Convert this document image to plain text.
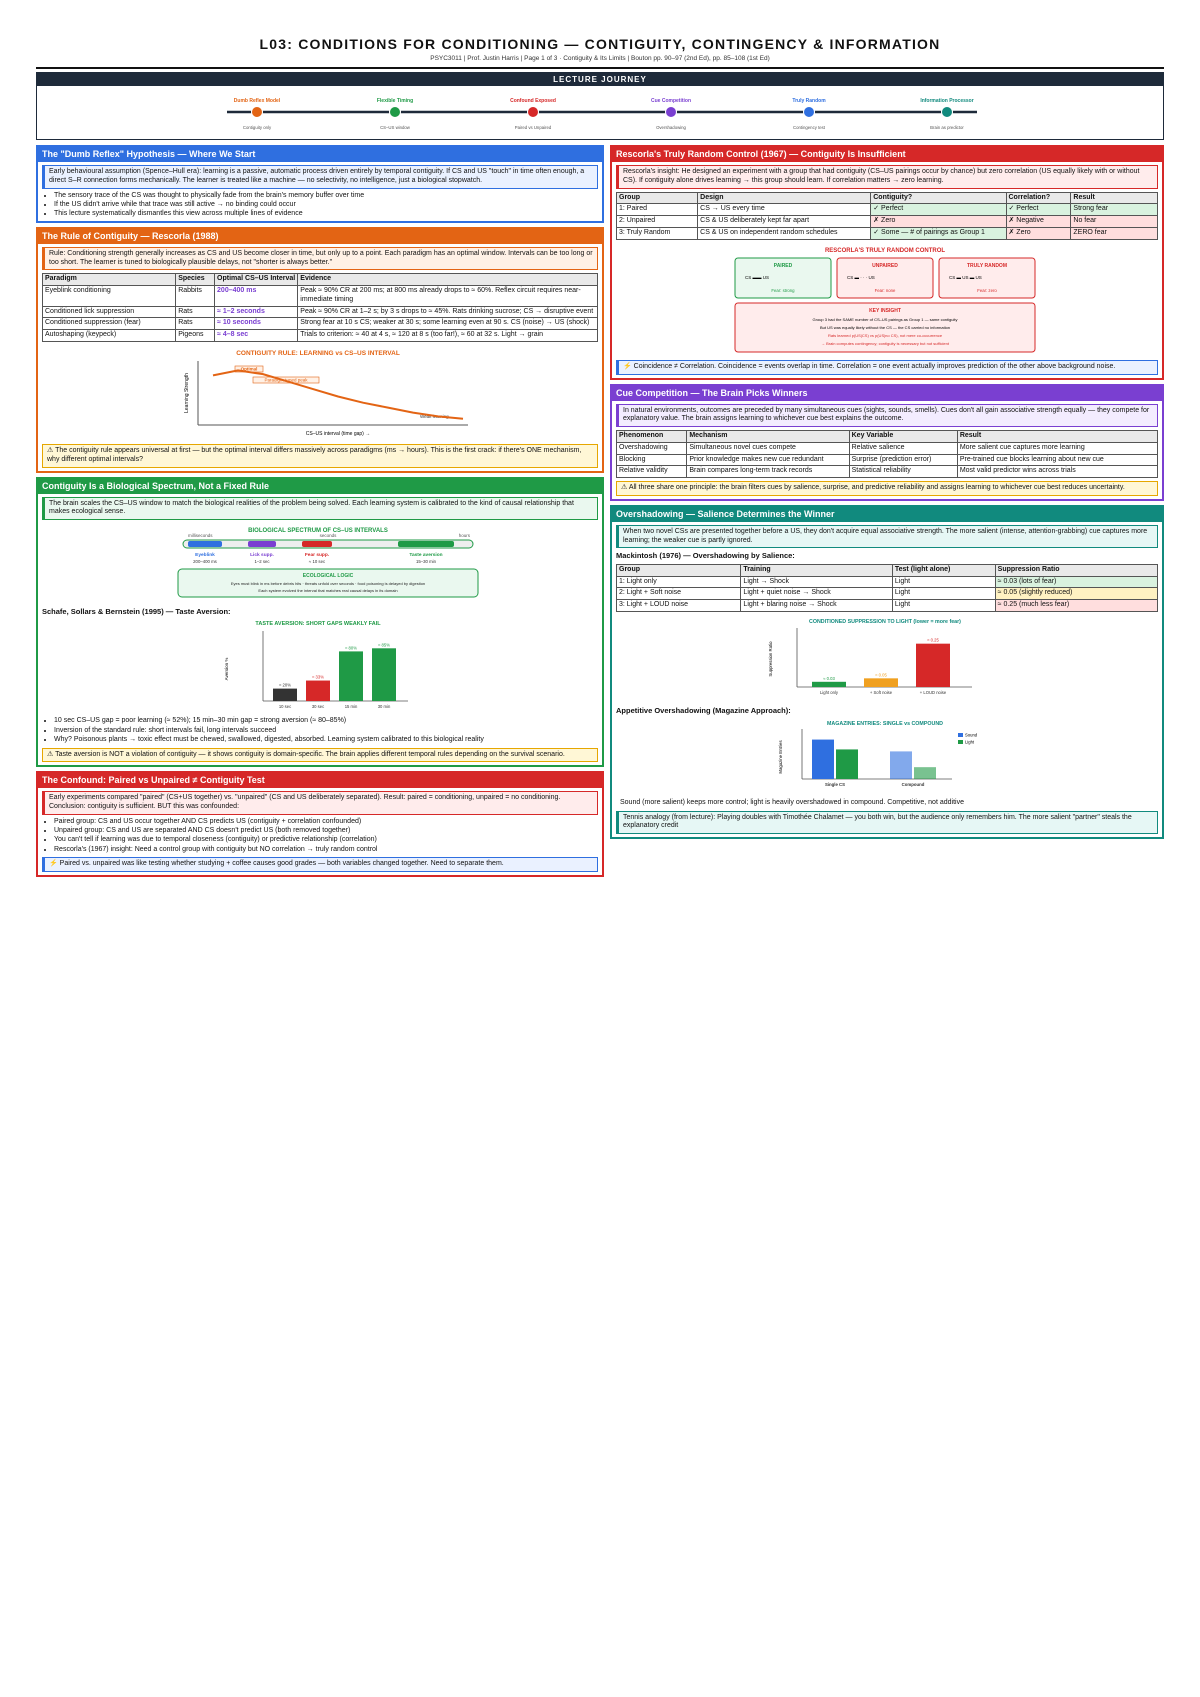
L03: CONDITIONS FOR CONDITIONING — CONTIGUITY, CONTINGENCY & INFORMATION
PSYC3011 | Prof. Justin Harris | Page 1 of 3 · Contiguity & Its Limits | Bouton pp. 90–97 (2nd Ed), pp. 85–108 (1st Ed)
LECTURE JOURNEY
Dumb Reflex Model
Contiguity only
Flexible Timing
CS–US window
Confound Exposed
Paired vs Unpaired
Cue Competition
Overshadowing
Truly Random
Contingency test
Information Processor
Brain as predictor
The "Dumb Reflex" Hypothesis — Where We Start
Early behavioural assumption (Spence–Hull era): learning is a passive, automatic process driven entirely by temporal contiguity. If CS and US "touch" in time often enough, a direct S–R connection forms mechanically. The learner is treated like a machine — no selectivity, no intelligence, just a biological stopwatch.
• The sensory trace of the CS was thought to physically fade from the brain's memory buffer over time
• If the US didn't arrive while that trace was still active → no binding could occur
• This lecture systematically dismantles this view across multiple lines of evidence
The Rule of Contiguity — Rescorla (1988)
Rule: Conditioning strength generally increases as CS and US become closer in time, but only up to a point. Each paradigm has an optimal window. Intervals can be too long or too short. The learner is tuned to biologically plausible delays, not "shorter is always better."
Paradigm	Species	Optimal CS–US Interval	Evidence
Eyeblink conditioning	Rabbits	200–400 ms	Peak ≈ 90% CR at 200 ms; at 800 ms already drops to ≈ 60%. Reflex circuit requires near-immediate timing
Conditioned lick suppression	Rats	≈ 1–2 seconds	Peak ≈ 90% CR at 1–2 s; by 3 s drops to ≈ 45%. Rats drinking sucrose; CS → disruptive event
Conditioned suppression (fear)	Rats	≈ 10 seconds	Strong fear at 10 s CS; weaker at 30 s; some learning even at 90 s. CS (noise) → US (shock)
Autoshaping (keypeck)	Pigeons	≈ 4–8 sec	Trials to criterion: ≈ 40 at 4 s, ≈ 120 at 8 s (too far!), ≈ 60 at 32 s. Light → grain
CONTIGUITY RULE: LEARNING vs CS–US INTERVAL
Learning Strength
CS–US interval (time gap) →
Optimal
Paradigm-tuned peak
Weak learning
⚠ The contiguity rule appears universal at first — but the optimal interval differs massively across paradigms (ms → hours). This is the first crack: if there's ONE mechanism, why different optimal intervals?
Contiguity Is a Biological Spectrum, Not a Fixed Rule
The brain scales the CS–US window to match the biological realities of the problem being solved. Each learning system is calibrated to the kind of causal relationship that makes ecological sense.
BIOLOGICAL SPECTRUM OF CS–US INTERVALS
milliseconds	seconds	hours
Eyeblink
200–400 ms
Lick supp.
1–2 sec
Fear supp.
≈ 10 sec
Taste aversion
15–30 min
ECOLOGICAL LOGIC
Eyes must blink in ms before debris hits · threats unfold over seconds · food poisoning is delayed by digestion
Each system evolved the interval that matches real causal delays in its domain
Schafe, Sollars & Bernstein (1995) — Taste Aversion:
TASTE AVERSION: SHORT GAPS WEAKLY FAIL
Aversion %
≈ 20%
10 sec
≈ 33%
30 sec
≈ 80%
15 min
≈ 85%
30 min
• 10 sec CS–US gap = poor learning (≈ 52%); 15 min–30 min gap = strong aversion (≈ 80–85%)
• Inversion of the standard rule: short intervals fail, long intervals succeed
• Why? Poisonous plants → toxic effect must be chewed, swallowed, digested, absorbed. Learning system calibrated to this biological reality
⚠ Taste aversion is NOT a violation of contiguity — it shows contiguity is domain-specific. The brain applies different temporal rules depending on the survival scenario.
The Confound: Paired vs Unpaired ≠ Contiguity Test
Early experiments compared "paired" (CS+US together) vs. "unpaired" (CS and US deliberately separated). Result: paired = conditioning, unpaired = no conditioning. Conclusion: contiguity is sufficient. BUT this was confounded:
• Paired group: CS and US occur together AND CS predicts US (contiguity + correlation confounded)
• Unpaired group: CS and US are separated AND CS doesn't predict US (both removed together)
• You can't tell if learning was due to temporal closeness (contiguity) or predictive relationship (correlation)
• Rescorla's (1967) insight: Need a control group with contiguity but NO correlation → truly random control
⚡ Paired vs. unpaired was like testing whether studying + coffee causes good grades — both variables changed together. Need to separate them.
Rescorla's Truly Random Control (1967) — Contiguity Is Insufficient
Rescorla's insight: He designed an experiment with a group that had contiguity (CS–US pairings occur by chance) but zero correlation (US equally likely with or without CS). If contiguity alone drives learning → this group should learn. If correlation matters → zero learning.
Group	Design	Contiguity?	Correlation?	Result
1: Paired	CS → US every time	✓ Perfect	✓ Perfect	Strong fear
2: Unpaired	CS & US deliberately kept far apart	✗ Zero	✗ Negative	No fear
3: Truly Random	CS & US on independent random schedules	✓ Some — # of pairings as Group 1	✗ Zero	ZERO fear
RESCORLA'S TRULY RANDOM CONTROL
PAIRED
CS ▬▬ US
Fear: strong
UNPAIRED
CS ▬ · · · US
Fear: none
TRULY RANDOM
CS ▬ US ▬ US
Fear: zero
KEY INSIGHT
Group 3 had the SAME number of CS–US pairings as Group 1 — same contiguity
But US was equally likely without the CS — the CS carried no information
Rats learned p(US|CS) vs p(US|no CS), not mere co-occurrence
→ Brain computes contingency; contiguity is necessary but not sufficient
⚡ Coincidence ≠ Correlation. Coincidence = events overlap in time. Correlation = one event actually improves prediction of the other above background noise.
Cue Competition — The Brain Picks Winners
In natural environments, outcomes are preceded by many simultaneous cues (sights, sounds, smells). Cues don't all gain associative strength equally — they compete for explanatory value. The brain assigns learning to whichever cue best explains the outcome.
Phenomenon	Mechanism	Key Variable	Result
Overshadowing	Simultaneous novel cues compete	Relative salience	More salient cue captures more learning
Blocking	Prior knowledge makes new cue redundant	Surprise (prediction error)	Pre-trained cue blocks learning about new cue
Relative validity	Brain compares long-term track records	Statistical reliability	Most valid predictor wins across trials
⚠ All three share one principle: the brain filters cues by salience, surprise, and predictive reliability and assigns learning to whichever cue best reduces uncertainty.
Overshadowing — Salience Determines the Winner
When two novel CSs are presented together before a US, they don't acquire equal associative strength. The more salient (intense, attention-grabbing) cue captures more learning; the weaker cue is partly ignored.
Mackintosh (1976) — Overshadowing by Salience:
Group	Training	Test (light alone)	Suppression Ratio
1: Light only	Light → Shock	Light	≈ 0.03 (lots of fear)
2: Light + Soft noise	Light + quiet noise → Shock	Light	≈ 0.05 (slightly reduced)
3: Light + LOUD noise	Light + blaring noise → Shock	Light	≈ 0.25 (much less fear)
CONDITIONED SUPPRESSION TO LIGHT (lower = more fear)
Suppression Ratio
≈ 0.03
Light only
≈ 0.05
+ Soft noise
≈ 0.25
+ LOUD noise
Appetitive Overshadowing (Magazine Approach):
MAGAZINE ENTRIES: SINGLE vs COMPOUND
Magazine Entries
Single CS	Compound
Sound
Light
Sound (more salient) keeps more control; light is heavily overshadowed in compound. Competitive, not additive
Tennis analogy (from lecture): Playing doubles with Timothée Chalamet — you both win, but the audience only remembers him. The more salient "partner" steals the explanatory credit
